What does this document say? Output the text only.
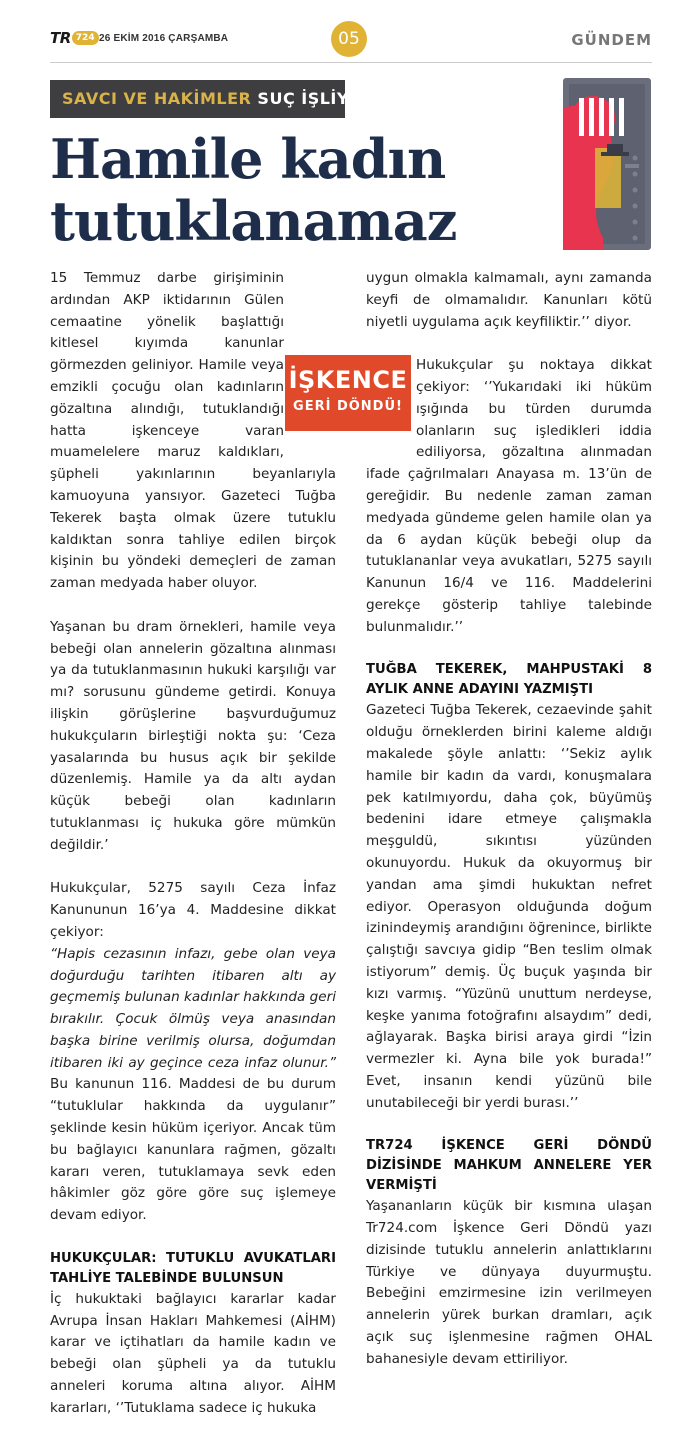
TR 724 26 EKİM 2016 ÇARŞAMBA	05	GÜNDEM
SAVCI VE HAKİMLER SUÇ İŞLİYOR
Hamile kadın tutuklanamaz
İŞKENCE
GERİ DÖNDÜ!

15 Temmuz darbe girişiminin ardından AKP iktidarının Gülen cemaatine yönelik başlattığı kitlesel kıyımda kanunlar görmezden geliniyor. Hamile veya emzikli çocuğu olan kadınların gözaltına alındığı, tutuklandığı hatta işkenceye varan muamelelere maruz kaldıkları, şüpheli yakınlarının beyanlarıyla kamuoyuna yansıyor. Gazeteci Tuğba Tekerek başta olmak üzere tutuklu kaldıktan sonra tahliye edilen birçok kişinin bu yöndeki demeçleri de zaman zaman medyada haber oluyor.

Yaşanan bu dram örnekleri, hamile veya bebeği olan annelerin gözaltına alınması ya da tutuklanmasının hukuki karşılığı var mı? sorusunu gündeme getirdi. Konuya ilişkin görüşlerine başvurduğumuz hukukçuların birleştiği nokta şu: ‘Ceza yasalarında bu husus açık bir şekilde düzenlemiş. Hamile ya da altı aydan küçük bebeği olan kadınların tutuklanması iç hukuka göre mümkün değildir.’

Hukukçular, 5275 sayılı Ceza İnfaz Kanununun 16’ya 4. Maddesine dikkat çekiyor:
“Hapis cezasının infazı, gebe olan veya doğurduğu tarihten itibaren altı ay geçmemiş bulunan kadınlar hakkında geri bırakılır. Çocuk ölmüş veya anasından başka birine verilmiş olursa, doğumdan itibaren iki ay geçince ceza infaz olunur.” Bu kanunun 116. Maddesi de bu durum “tutuklular hakkında da uygulanır” şeklinde kesin hüküm içeriyor. Ancak tüm bu bağlayıcı kanunlara rağmen, gözaltı kararı veren, tutuklamaya sevk eden hâkimler göz göre göre suç işlemeye devam ediyor.

HUKUKÇULAR: TUTUKLU AVUKATLARI TAHLİYE TALEBİNDE BULUNSUN

İç hukuktaki bağlayıcı kararlar kadar Avrupa İnsan Hakları Mahkemesi (AİHM) karar ve içtihatları da hamile kadın ve bebeği olan şüpheli ya da tutuklu anneleri koruma altına alıyor. AİHM kararları, ‘’Tutuklama sadece iç hukuka

uygun olmakla kalmamalı, aynı zamanda keyfi de olmamalıdır. Kanunları kötü niyetli uygulama açık keyfiliktir.’’ diyor.

Hukukçular şu noktaya dikkat çekiyor: ‘’Yukarıdaki iki hüküm ışığında bu türden durumda olanların suç işledikleri iddia ediliyorsa, gözaltına alınmadan ifade çağrılmaları Anayasa m. 13’ün de gereğidir. Bu nedenle zaman zaman medyada gündeme gelen hamile olan ya da 6 aydan küçük bebeği olup da tutuklananlar veya avukatları, 5275 sayılı Kanunun 16/4 ve 116. Maddelerini gerekçe gösterip tahliye talebinde bulunmalıdır.’’

TUĞBA TEKEREK, MAHPUSTAKİ 8 AYLIK ANNE ADAYINI YAZMIŞTI

Gazeteci Tuğba Tekerek, cezaevinde şahit olduğu örneklerden birini kaleme aldığı makalede şöyle anlattı: ‘’Sekiz aylık hamile bir kadın da vardı, konuşmalara pek katılmıyordu, daha çok, büyümüş bedenini idare etmeye çalışmakla meşguldü, sıkıntısı yüzünden okunuyordu. Hukuk da okuyormuş bir yandan ama şimdi hukuktan nefret ediyor. Operasyon olduğunda doğum izinindeymiş arandığını öğrenince, birlikte çalıştığı savcıya gidip “Ben teslim olmak istiyorum” demiş. Üç buçuk yaşında bir kızı varmış. “Yüzünü unuttum nerdeyse, keşke yanıma fotoğrafını alsaydım” dedi, ağlayarak. Başka birisi araya girdi “İzin vermezler ki. Ayna bile yok burada!” Evet, insanın kendi yüzünü bile unutabileceği bir yerdi burası.’’

TR724 İŞKENCE GERİ DÖNDÜ DİZİSİNDE MAHKUM ANNELERE YER VERMİŞTİ

Yaşananların küçük bir kısmına ulaşan Tr724.com İşkence Geri Döndü yazı dizisinde tutuklu annelerin anlattıklarını Türkiye ve dünyaya duyurmuştu. Bebeğini emzirmesine izin verilmeyen annelerin yürek burkan dramları, açık açık suç işlenmesine rağmen OHAL bahanesiyle devam ettiriliyor.
